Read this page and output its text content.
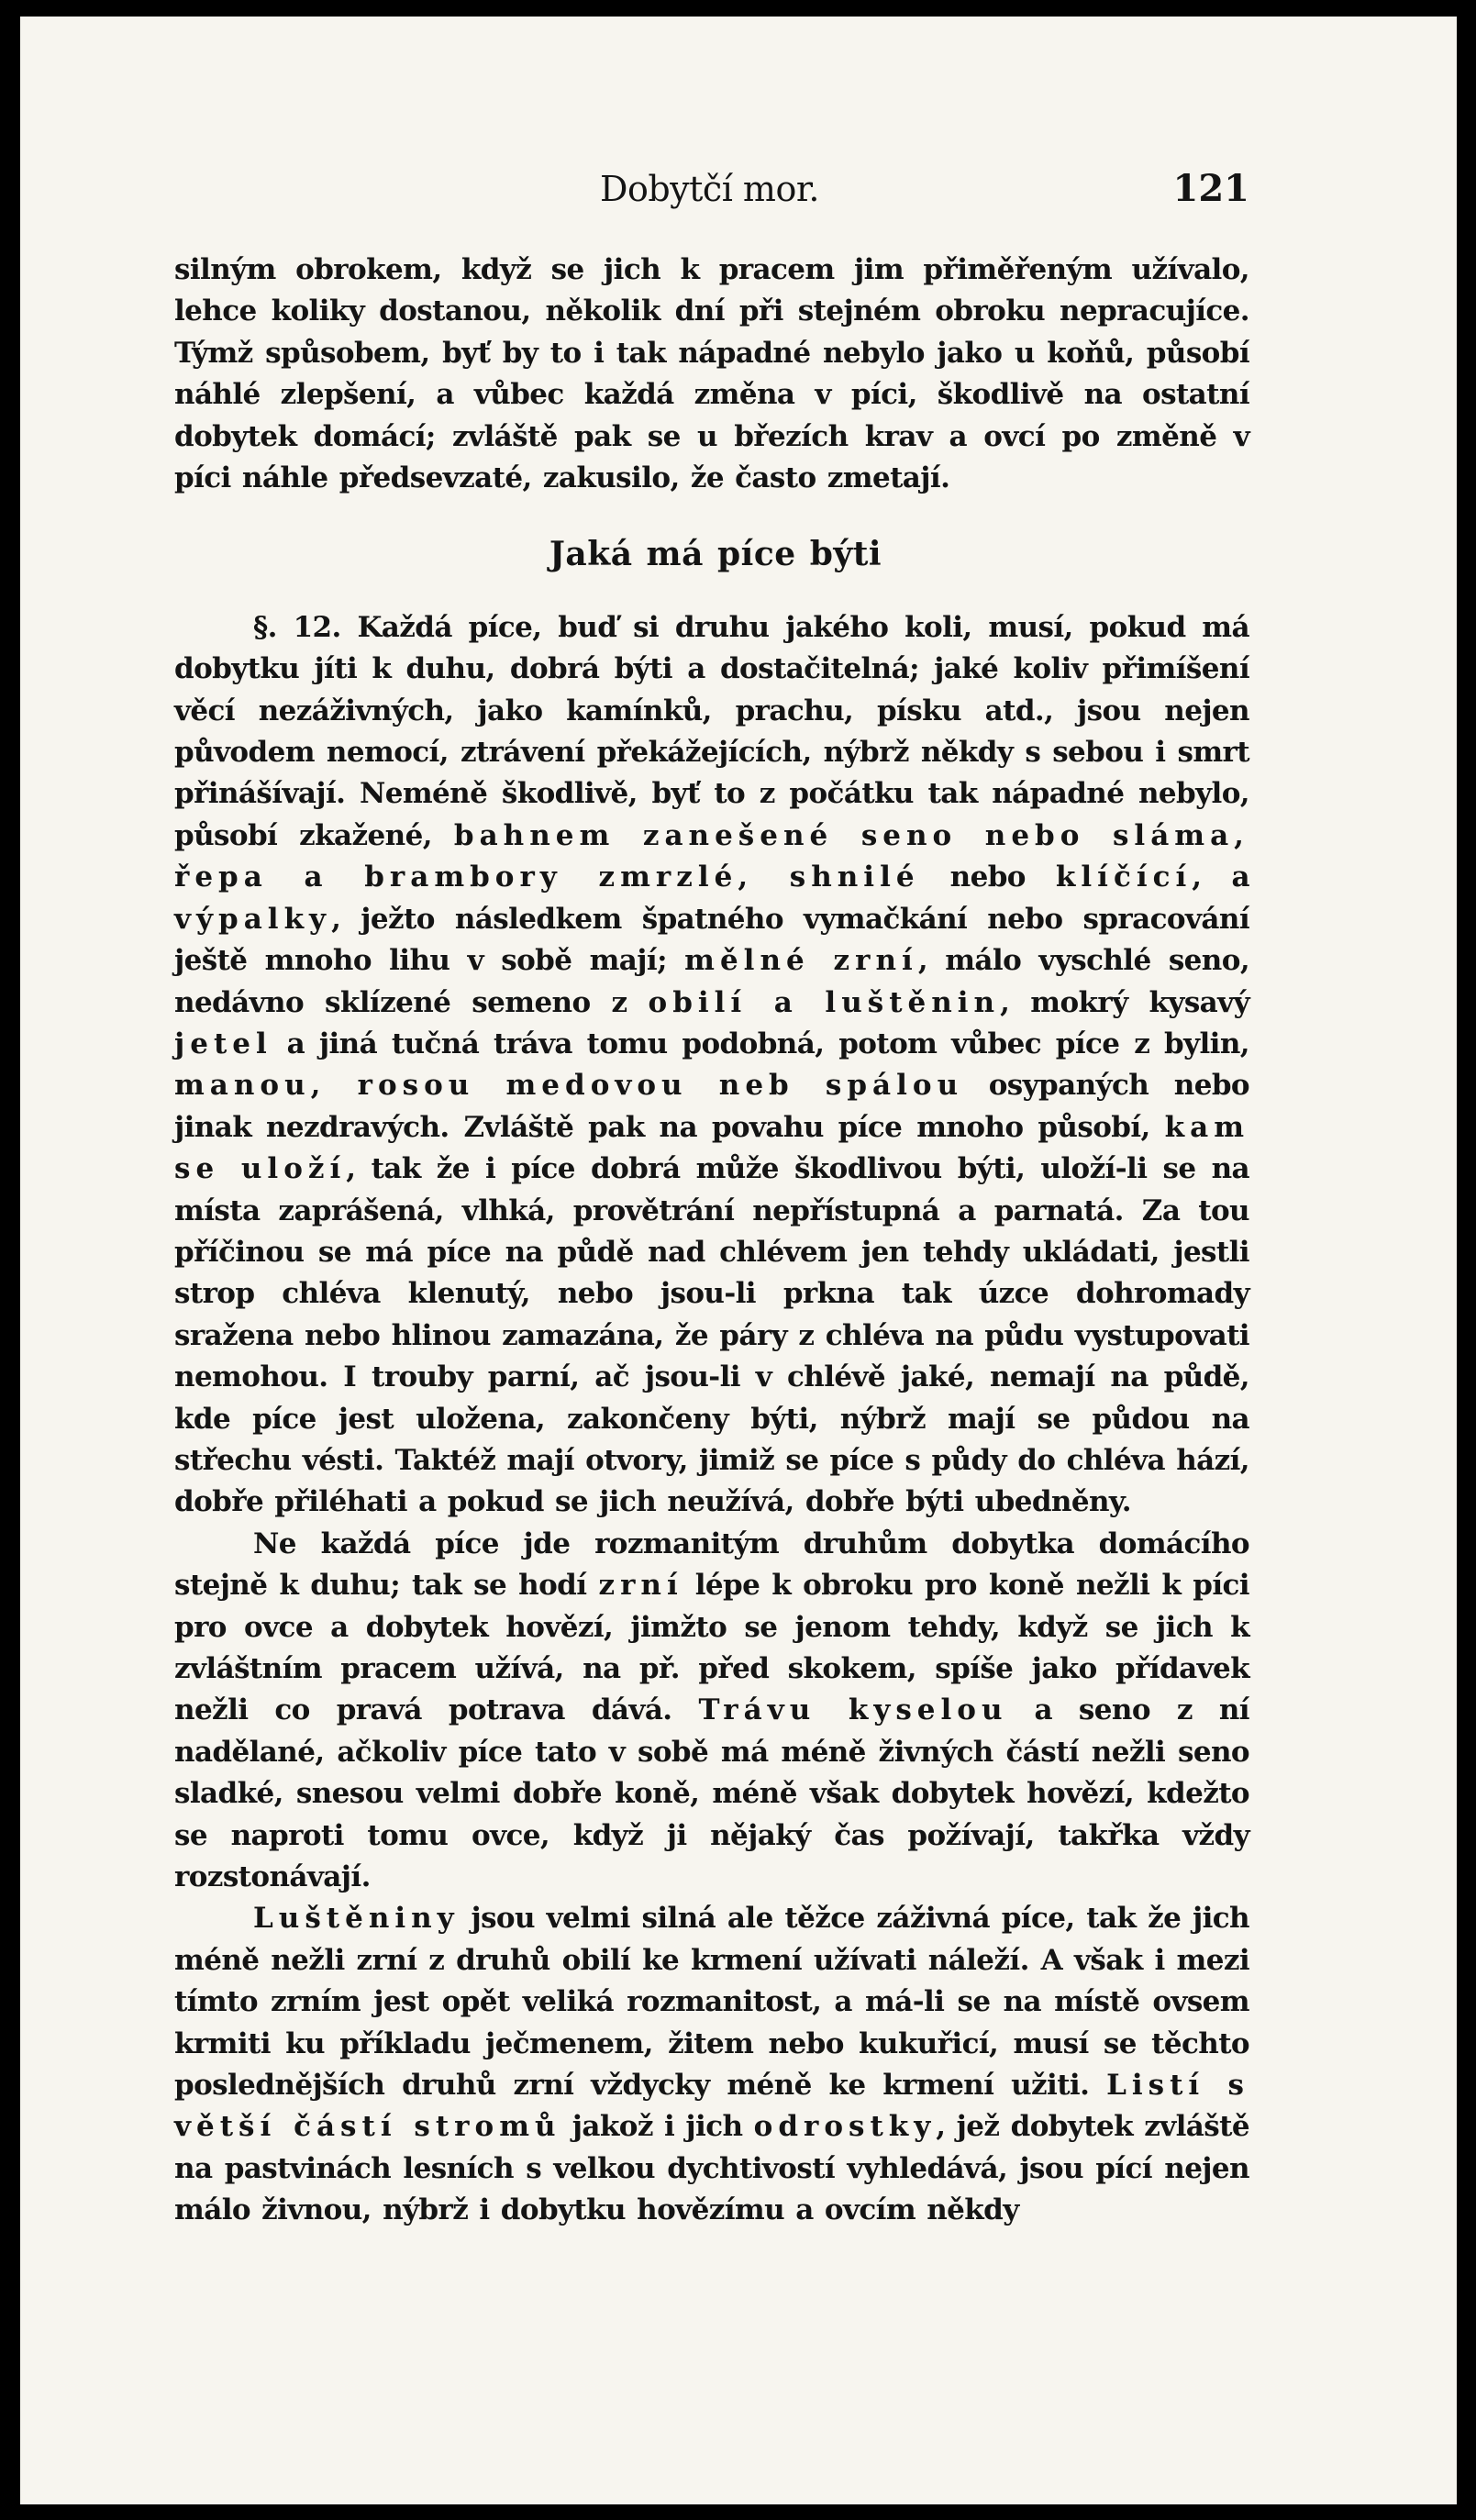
Dobytčí mor.	121

silným obrokem, když se jich k pracem jim přiměřeným užívalo, lehce koliky dostanou, několik dní při stejném obroku nepracujíce. Týmž spůsobem, byť by to i tak nápadné nebylo jako u koňů, působí náhlé zlepšení, a vůbec každá změna v píci, škodlivě na ostatní dobytek domácí; zvláště pak se u březích krav a ovcí po změně v píci náhle předsevzaté, zakusilo, že často zmetají.

Jaká má píce býti

§. 12. Každá píce, buď si druhu jakého koli, musí, pokud má dobytku jíti k duhu, dobrá býti a dostačitelná; jaké koliv přimíšení věcí nezáživných, jako kamínků, prachu, písku atd., jsou nejen původem nemocí, ztrávení překážejících, nýbrž někdy s sebou i smrt přinášívají. Neméně škodlivě, byť to z počátku tak nápadné nebylo, působí zkažené, bahnem zanešené seno nebo sláma, řepa a brambory zmrzlé, shnilé nebo klíčící, a výpalky, ježto následkem špatného vymačkání nebo spracování ještě mnoho lihu v sobě mají; mělné zrní, málo vyschlé seno, nedávno sklízené semeno z obilí a luštěnin, mokrý kysavý jetel a jiná tučná tráva tomu podobná, potom vůbec píce z bylin, manou, rosou medovou neb spálou osypaných nebo jinak nezdravých. Zvláště pak na povahu píce mnoho působí, kam se uloží, tak že i píce dobrá může škodlivou býti, uloží-li se na místa zaprášená, vlhká, provětrání nepřístupná a parnatá. Za tou příčinou se má píce na půdě nad chlévem jen tehdy ukládati, jestli strop chléva klenutý, nebo jsou-li prkna tak úzce dohromady sražena nebo hlinou zamazána, že páry z chléva na půdu vystupovati nemohou. I trouby parní, ač jsou-li v chlévě jaké, nemají na půdě, kde píce jest uložena, zakončeny býti, nýbrž mají se půdou na střechu vésti. Taktéž mají otvory, jimiž se píce s půdy do chléva hází, dobře přiléhati a pokud se jich neužívá, dobře býti ubedněny.

Ne každá píce jde rozmanitým druhům dobytka domácího stejně k duhu; tak se hodí zrní lépe k obroku pro koně nežli k píci pro ovce a dobytek hovězí, jimžto se jenom tehdy, když se jich k zvláštním pracem užívá, na př. před skokem, spíše jako přídavek nežli co pravá potrava dává. Trávu kyselou a seno z ní nadělané, ačkoliv píce tato v sobě má méně živných částí nežli seno sladké, snesou velmi dobře koně, méně však dobytek hovězí, kdežto se naproti tomu ovce, když ji nějaký čas požívají, takřka vždy rozstonávají.

Luštěniny jsou velmi silná ale těžce záživná píce, tak že jich méně nežli zrní z druhů obilí ke krmení užívati náleží. A však i mezi tímto zrním jest opět veliká rozmanitost, a má-li se na místě ovsem krmiti ku příkladu ječmenem, žitem nebo kukuřicí, musí se těchto poslednějších druhů zrní vždycky méně ke krmení užiti. Listí s větší částí stromů jakož i jich odrostky, jež dobytek zvláště na pastvinách lesních s velkou dychtivostí vyhledává, jsou pící nejen málo živnou, nýbrž i dobytku hovězímu a ovcím někdy
